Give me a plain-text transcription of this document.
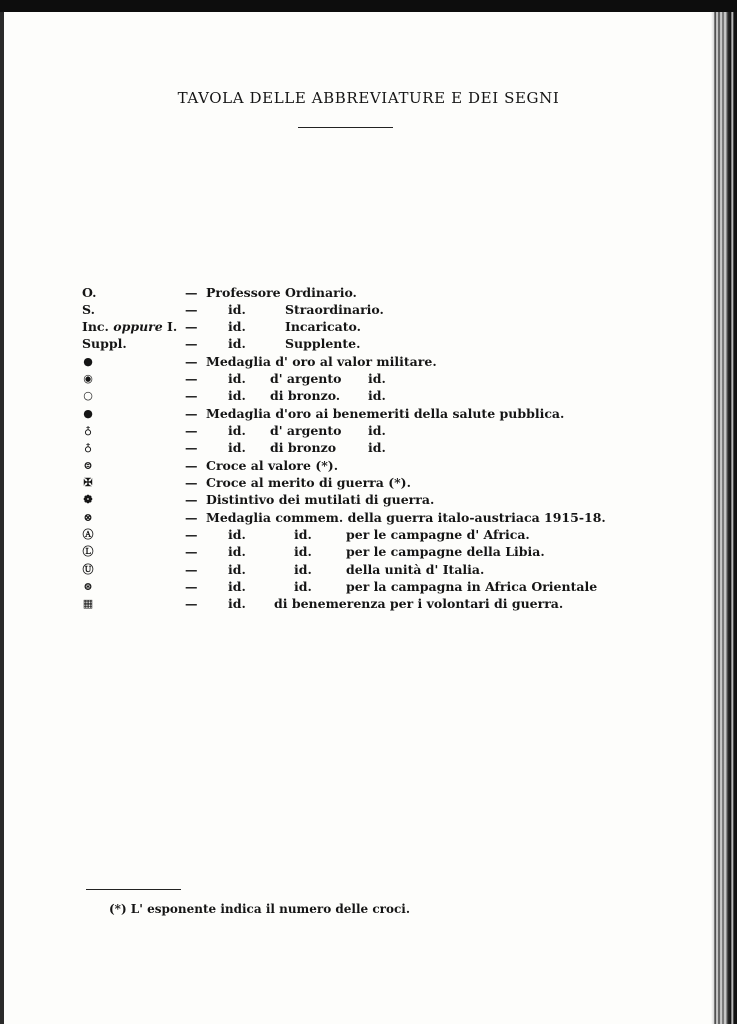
TAVOLA DELLE ABBREVIATURE E DEI SEGNI
O.	— Professore Ordinario.
S.	— id.	Straordinario.
Inc. oppure I. — id.	Incaricato.
Suppl.	— id.	Supplente.
●	— Medaglia d' oro al valor militare.
◉	— id. d' argento id.
○	— id. di bronzo. id.
●	— Medaglia d'oro ai benemeriti della salute pubblica.
♁	— id. d' argento id.
♁	— id. di bronzo	id.
⊜	— Croce al valore (*).
✠	— Croce al merito di guerra (*).
❁	— Distintivo dei mutilati di guerra.
⊗	— Medaglia commem. della guerra italo-austriaca 1915-18.
Ⓐ	— id.	id.	per le campagne d' Africa.
Ⓛ	— id.	id.	per le campagne della Libia.
Ⓤ	— id.	id.	della unità d' Italia.
⊛	— id.	id.	per la campagna in Africa Orientale
▦	— id. di benemerenza per i volontari di guerra.
(*) L' esponente indica il numero delle croci.
